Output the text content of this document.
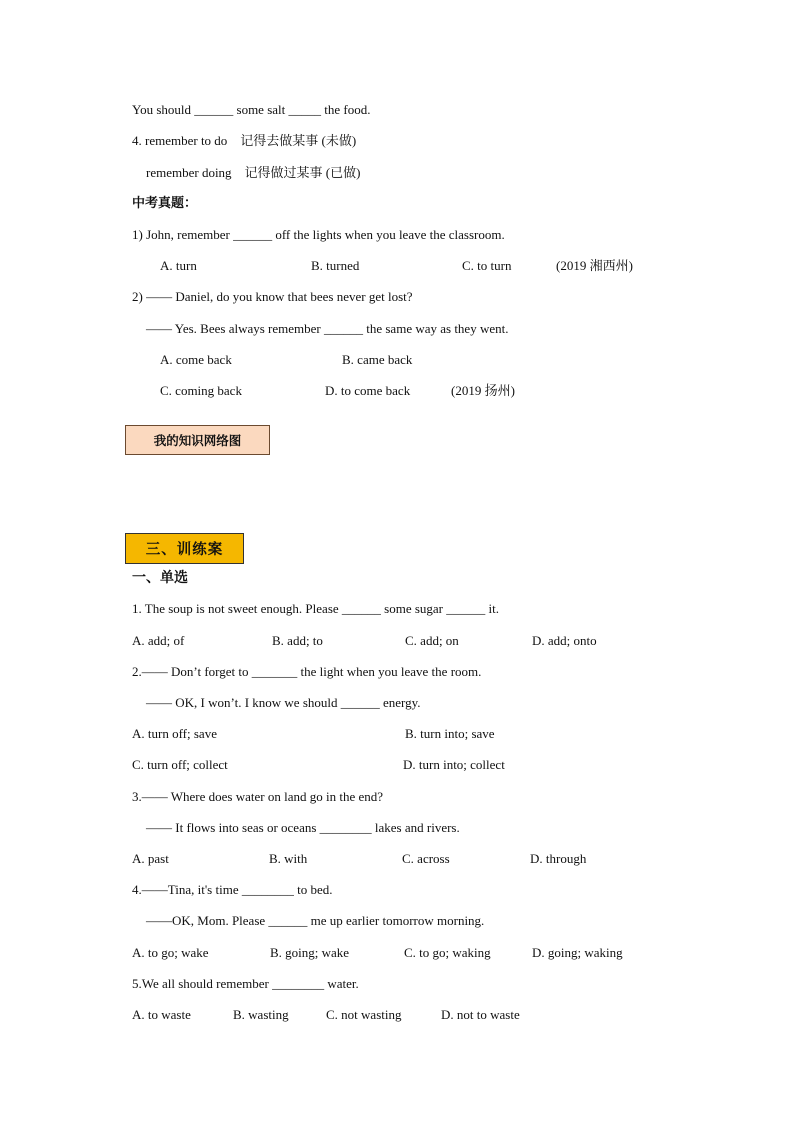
You should ______ some salt _____ the food.
4. remember to do    记得去做某事 (未做)
remember doing    记得做过某事 (已做)
中考真题：
1) John, remember ______ off the lights when you leave the classroom.
A. turn	B. turned	C. to turn	(2019 湘西州)
2) —— Daniel, do you know that bees never get lost?
—— Yes. Bees always remember ______ the same way as they went.
A. come back	B. came back
C. coming back	D. to come back	(2019 扬州)
我的知识网络图
三、训练案
一、单选
1. The soup is not sweet enough. Please ______ some sugar ______ it.
A. add; of	B. add; to	C. add; on	D. add; onto
2.—— Don’t forget to _______ the light when you leave the room.
—— OK, I won’t. I know we should ______ energy.
A. turn off; save	B. turn into; save
C. turn off; collect	D. turn into; collect
3.—— Where does water on land go in the end?
—— It flows into seas or oceans ________ lakes and rivers.
A. past	B. with	C. across	D. through
4.——Tina, it's time ________ to bed.
——OK, Mom. Please ______ me up earlier tomorrow morning.
A. to go; wake	B. going; wake	C. to go; waking	D. going; waking
5.We all should remember ________ water.
A. to waste	B. wasting	C. not wasting	D. not to waste
